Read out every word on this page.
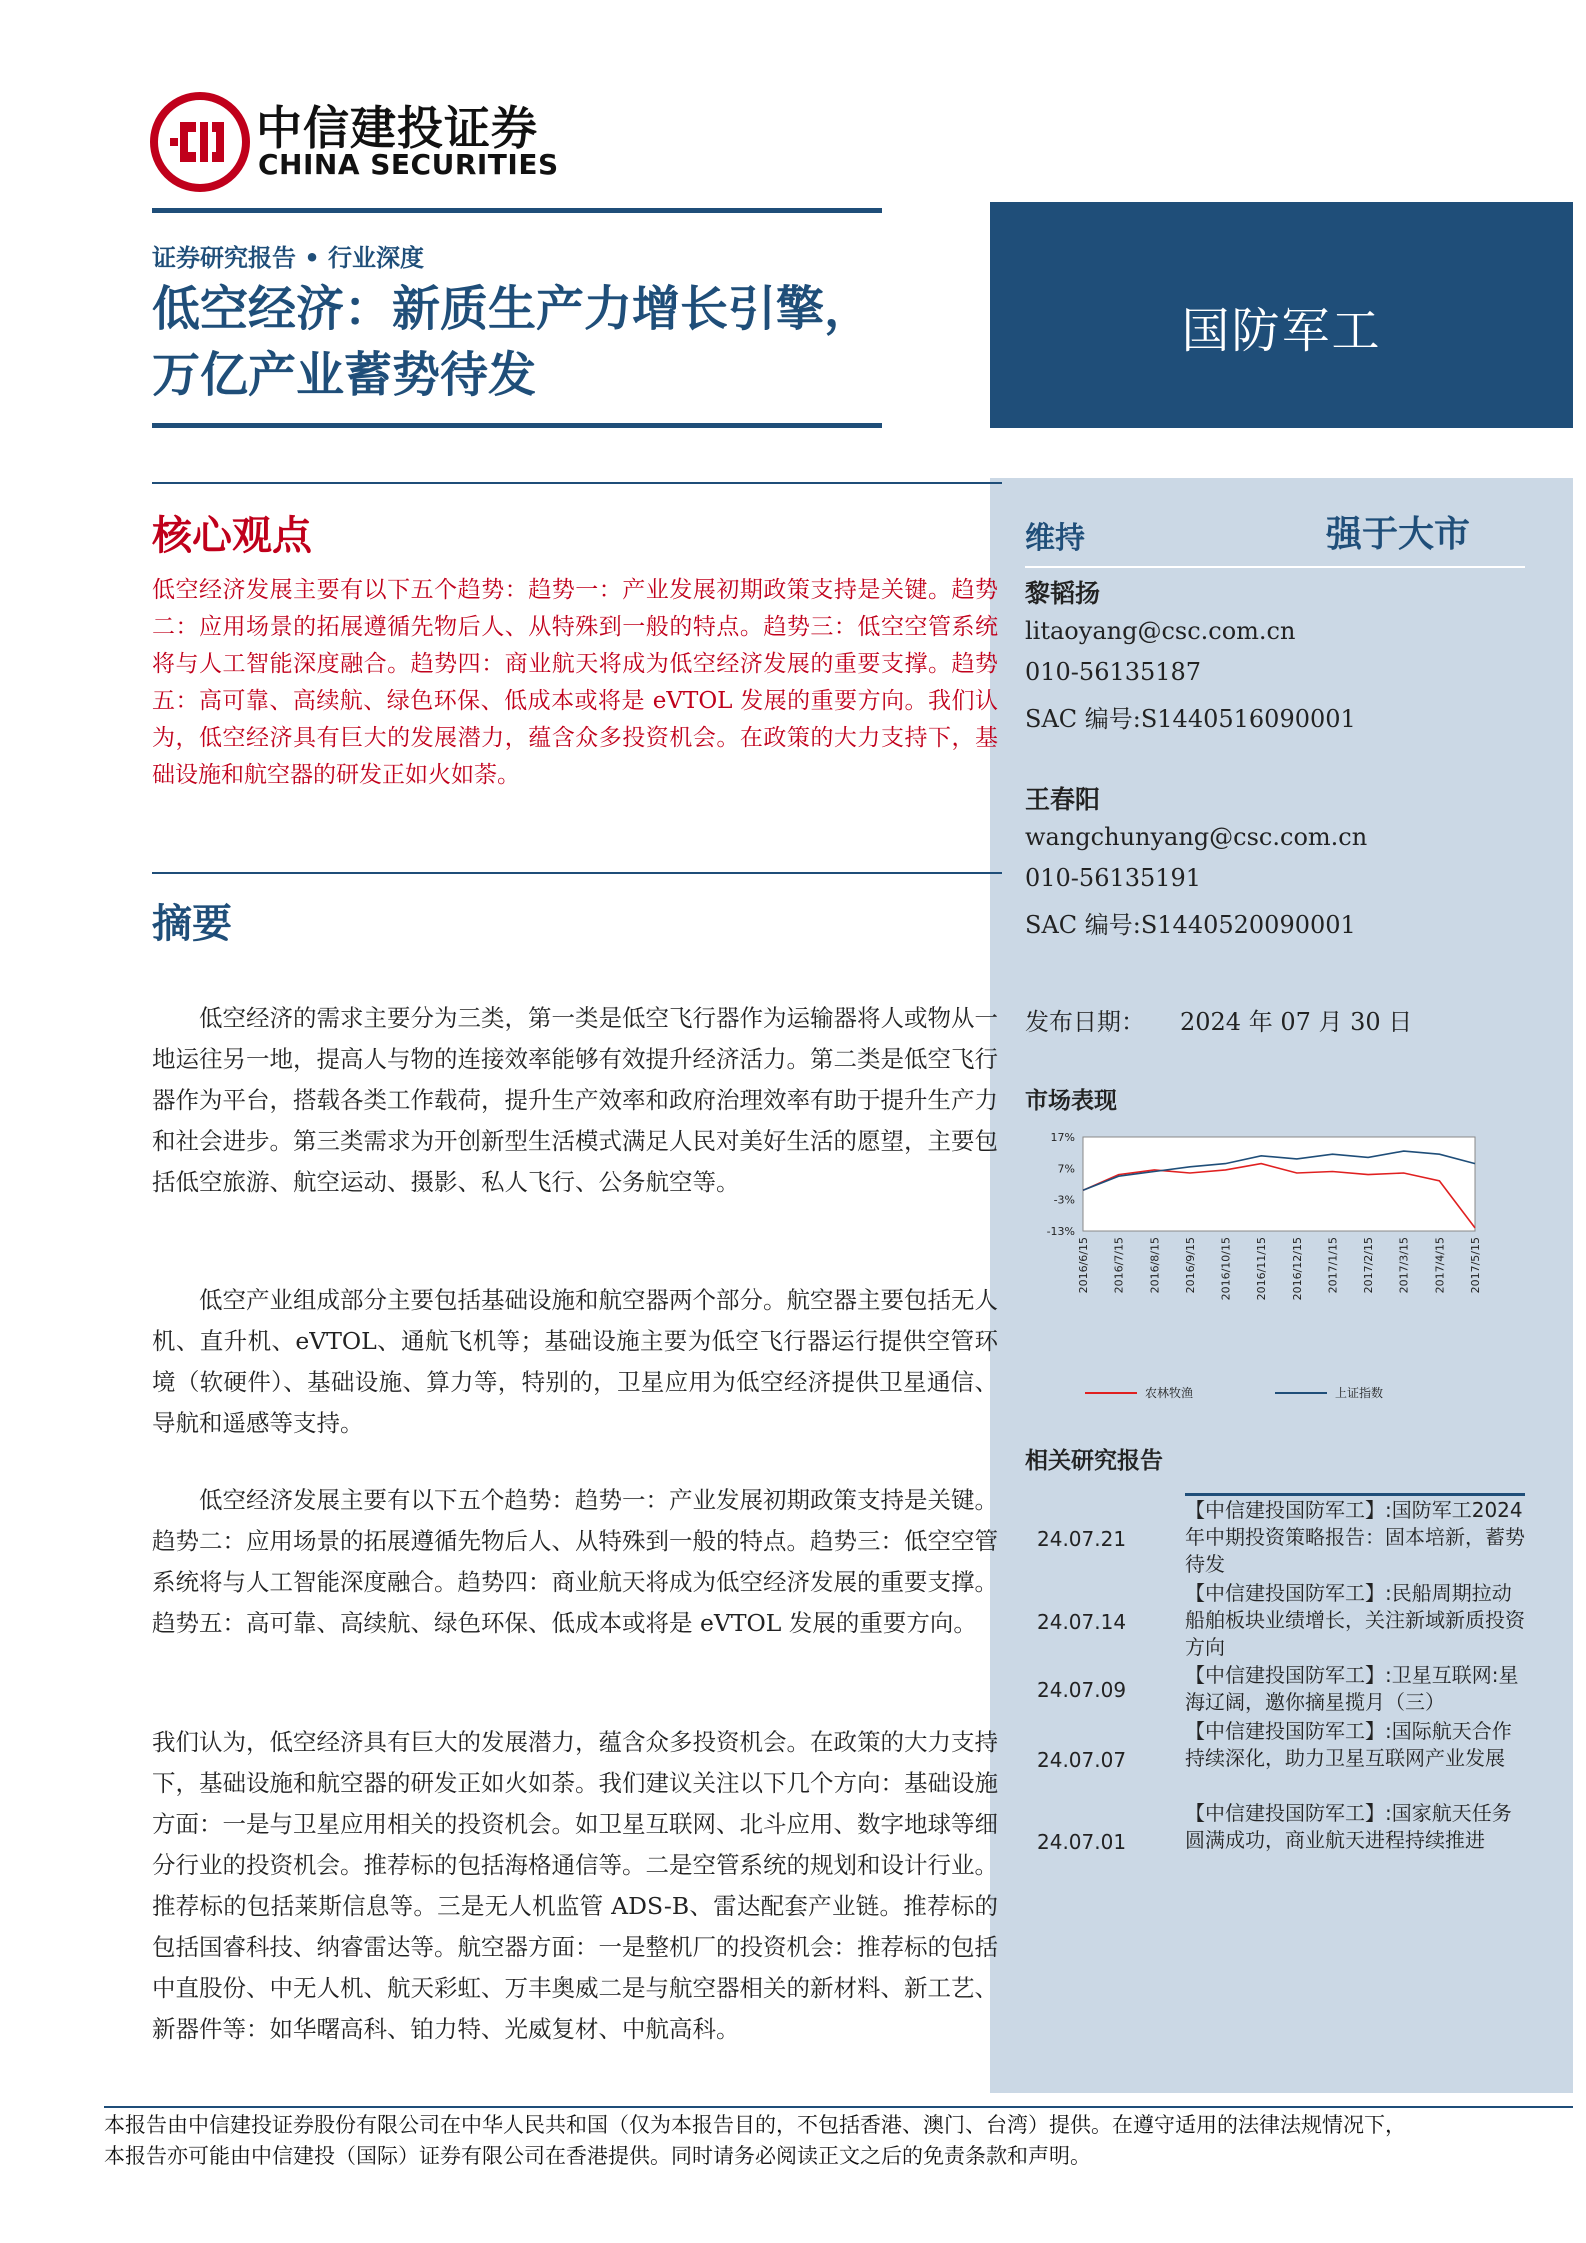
中信建投证券
CHINA SECURITIES
证券研究报告 • 行业深度
低空经济：新质生产力增长引擎，
万亿产业蓄势待发
国防军工
核心观点
低空经济发展主要有以下五个趋势：趋势一：产业发展初期政策支持是关键。趋势二：应用场景的拓展遵循先物后人、从特殊到一般的特点。趋势三：低空空管系统将与人工智能深度融合。趋势四：商业航天将成为低空经济发展的重要支撑。趋势五：高可靠、高续航、绿色环保、低成本或将是 eVTOL 发展的重要方向。我们认为，低空经济具有巨大的发展潜力，蕴含众多投资机会。在政策的大力支持下，基础设施和航空器的研发正如火如荼。
摘要
低空经济的需求主要分为三类，第一类是低空飞行器作为运输器将人或物从一地运往另一地，提高人与物的连接效率能够有效提升经济活力。第二类是低空飞行器作为平台，搭载各类工作载荷，提升生产效率和政府治理效率有助于提升生产力和社会进步。第三类需求为开创新型生活模式满足人民对美好生活的愿望，主要包括低空旅游、航空运动、摄影、私人飞行、公务航空等。
低空产业组成部分主要包括基础设施和航空器两个部分。航空器主要包括无人机、直升机、eVTOL、通航飞机等；基础设施主要为低空飞行器运行提供空管环境（软硬件）、基础设施、算力等，特别的，卫星应用为低空经济提供卫星通信、导航和遥感等支持。
低空经济发展主要有以下五个趋势：趋势一：产业发展初期政策支持是关键。趋势二：应用场景的拓展遵循先物后人、从特殊到一般的特点。趋势三：低空空管系统将与人工智能深度融合。趋势四：商业航天将成为低空经济发展的重要支撑。趋势五：高可靠、高续航、绿色环保、低成本或将是 eVTOL 发展的重要方向。
我们认为，低空经济具有巨大的发展潜力，蕴含众多投资机会。在政策的大力支持下，基础设施和航空器的研发正如火如荼。我们建议关注以下几个方向：基础设施方面：一是与卫星应用相关的投资机会。如卫星互联网、北斗应用、数字地球等细分行业的投资机会。推荐标的包括海格通信等。二是空管系统的规划和设计行业。推荐标的包括莱斯信息等。三是无人机监管 ADS-B、雷达配套产业链。推荐标的包括国睿科技、纳睿雷达等。航空器方面：一是整机厂的投资机会：推荐标的包括中直股份、中无人机、航天彩虹、万丰奥威二是与航空器相关的新材料、新工艺、新器件等：如华曙高科、铂力特、光威复材、中航高科。
维持	强于大市
黎韬扬
litaoyang@csc.com.cn
010-56135187
SAC 编号:S1440516090001
王春阳
wangchunyang@csc.com.cn
010-56135191
SAC 编号:S1440520090001
发布日期： 2024 年 07 月 30 日
市场表现
17%
7%
-3%
-13%
2016/6/15 2016/7/15 2016/8/15 2016/9/15 2016/10/15 2016/11/15 2016/12/15 2017/1/15 2017/2/15 2017/3/15 2017/4/15 2017/5/15
农林牧渔	上证指数
相关研究报告
24.07.21
【中信建投国防军工】:国防军工2024 年中期投资策略报告：固本培新，蓄势待发
24.07.14
【中信建投国防军工】:民船周期拉动船舶板块业绩增长，关注新域新质投资方向
24.07.09
【中信建投国防军工】:卫星互联网:星海辽阔，邀你摘星揽月（三）
24.07.07
【中信建投国防军工】:国际航天合作持续深化，助力卫星互联网产业发展
24.07.01
【中信建投国防军工】:国家航天任务圆满成功，商业航天进程持续推进
本报告由中信建投证券股份有限公司在中华人民共和国（仅为本报告目的，不包括香港、澳门、台湾）提供。在遵守适用的法律法规情况下，
本报告亦可能由中信建投（国际）证券有限公司在香港提供。同时请务必阅读正文之后的免责条款和声明。
